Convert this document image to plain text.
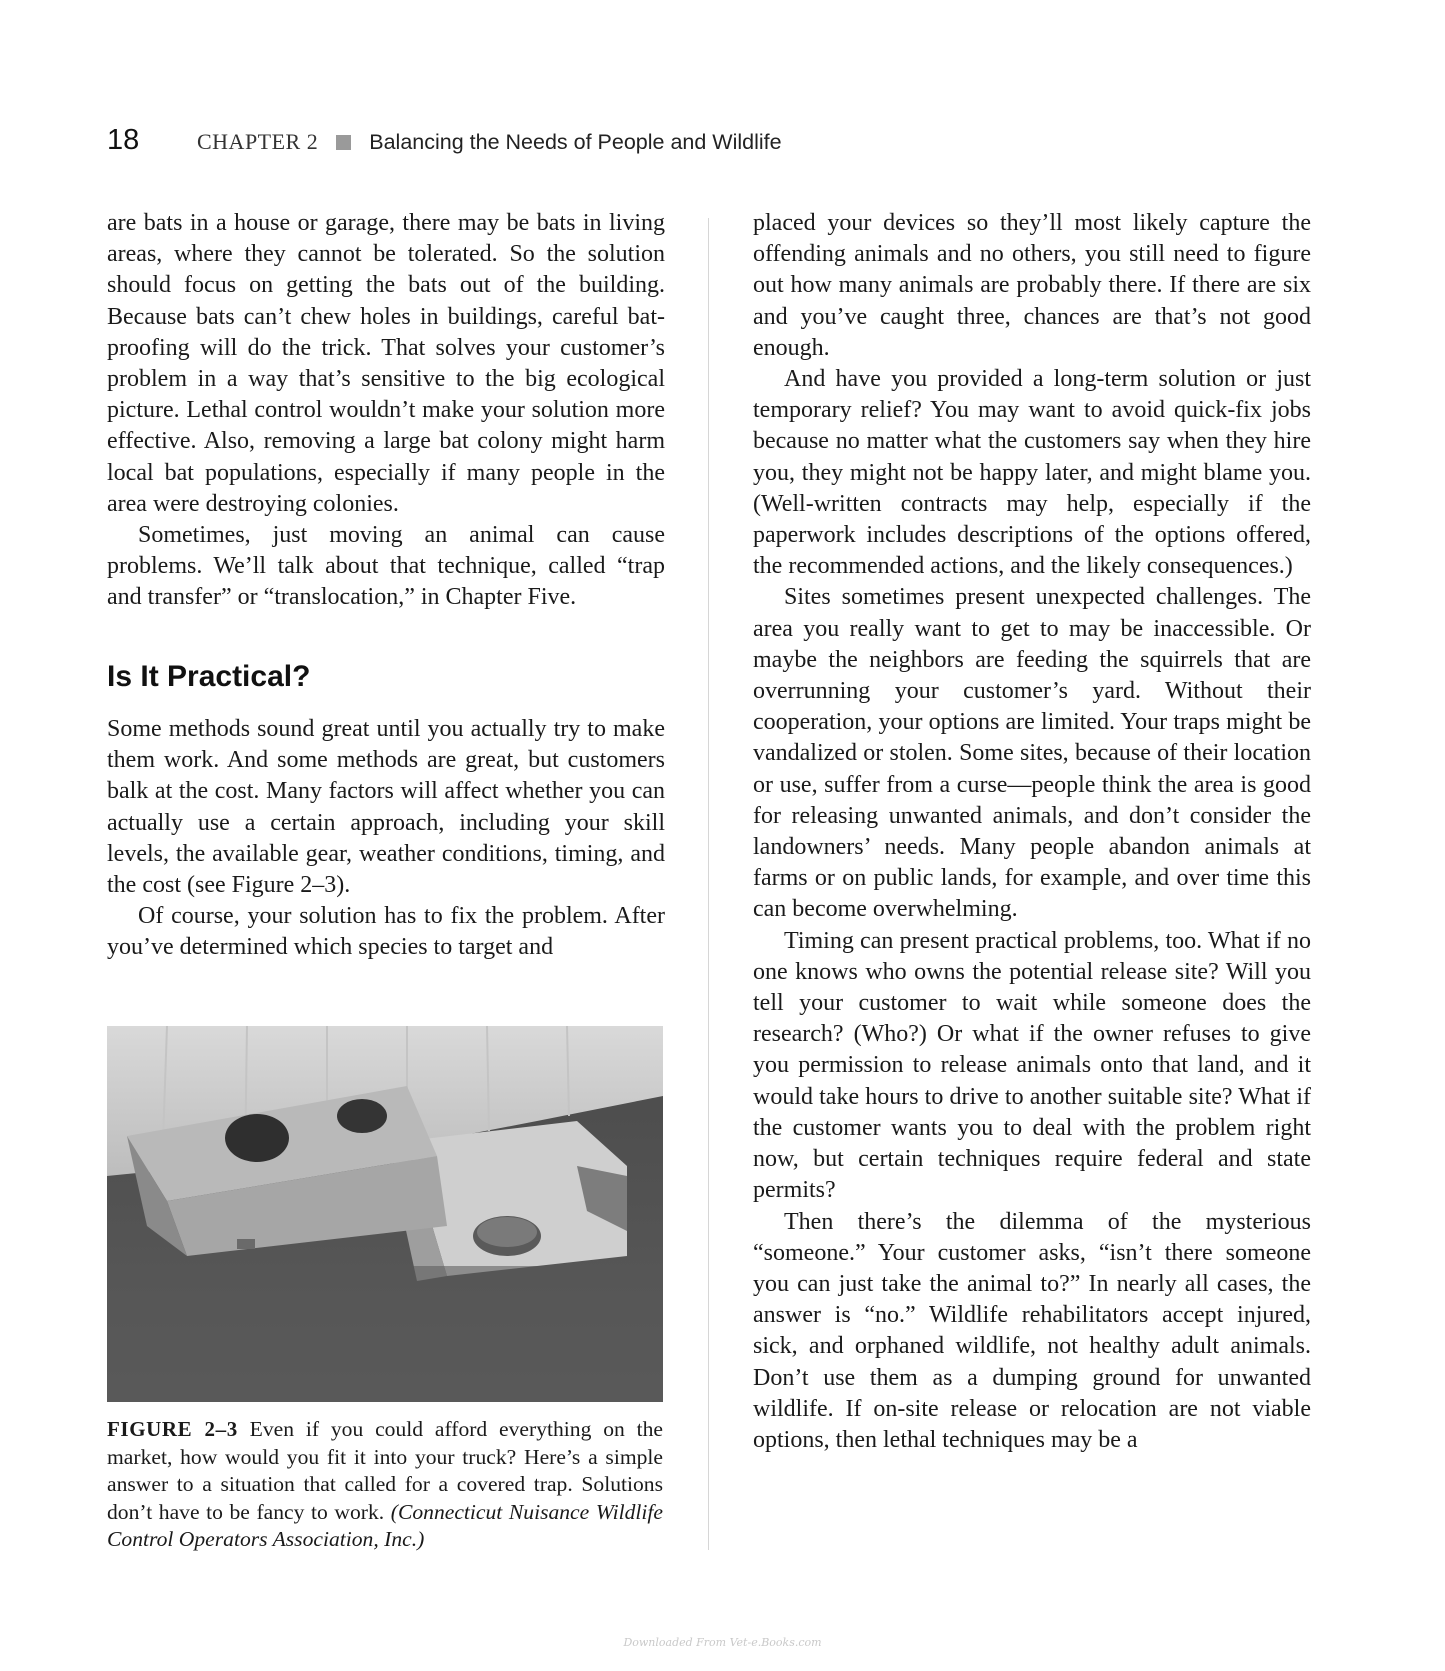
18	CHAPTER 2 Balancing the Needs of People and Wildlife

are bats in a house or garage, there may be bats in living areas, where they cannot be tolerated. So the solution should focus on getting the bats out of the building. Because bats can’t chew holes in buildings, careful bat-proofing will do the trick. That solves your customer’s problem in a way that’s sensitive to the big ecological picture. Lethal control wouldn’t make your solution more effective. Also, removing a large bat colony might harm local bat populations, especially if many people in the area were destroying colonies.

Sometimes, just moving an animal can cause problems. We’ll talk about that technique, called “trap and transfer” or “translocation,” in Chapter Five.

Is It Practical?

Some methods sound great until you actually try to make them work. And some methods are great, but customers balk at the cost. Many factors will affect whether you can actually use a certain approach, including your skill levels, the available gear, weather conditions, timing, and the cost (see Figure 2–3).

Of course, your solution has to fix the problem. After you’ve determined which species to target and

FIGURE 2–3 Even if you could afford everything on the market, how would you fit it into your truck? Here’s a simple answer to a situation that called for a covered trap. Solutions don’t have to be fancy to work. (Connecticut Nuisance Wildlife Control Operators Association, Inc.)

placed your devices so they’ll most likely capture the offending animals and no others, you still need to figure out how many animals are probably there. If there are six and you’ve caught three, chances are that’s not good enough.

And have you provided a long-term solution or just temporary relief? You may want to avoid quick-fix jobs because no matter what the customers say when they hire you, they might not be happy later, and might blame you. (Well-written contracts may help, especially if the paperwork includes descriptions of the options offered, the recommended actions, and the likely consequences.)

Sites sometimes present unexpected challenges. The area you really want to get to may be inaccessible. Or maybe the neighbors are feeding the squirrels that are overrunning your customer’s yard. Without their cooperation, your options are limited. Your traps might be vandalized or stolen. Some sites, because of their location or use, suffer from a curse—people think the area is good for releasing unwanted animals, and don’t consider the landowners’ needs. Many people abandon animals at farms or on public lands, for example, and over time this can become overwhelming.

Timing can present practical problems, too. What if no one knows who owns the potential release site? Will you tell your customer to wait while someone does the research? (Who?) Or what if the owner refuses to give you permission to release animals onto that land, and it would take hours to drive to another suitable site? What if the customer wants you to deal with the problem right now, but certain techniques require federal and state permits?

Then there’s the dilemma of the mysterious “someone.” Your customer asks, “isn’t there someone you can just take the animal to?” In nearly all cases, the answer is “no.” Wildlife rehabilitators accept injured, sick, and orphaned wildlife, not healthy adult animals. Don’t use them as a dumping ground for unwanted wildlife. If on-site release or relocation are not viable options, then lethal techniques may be a

Downloaded From Vet-e.Books.com
